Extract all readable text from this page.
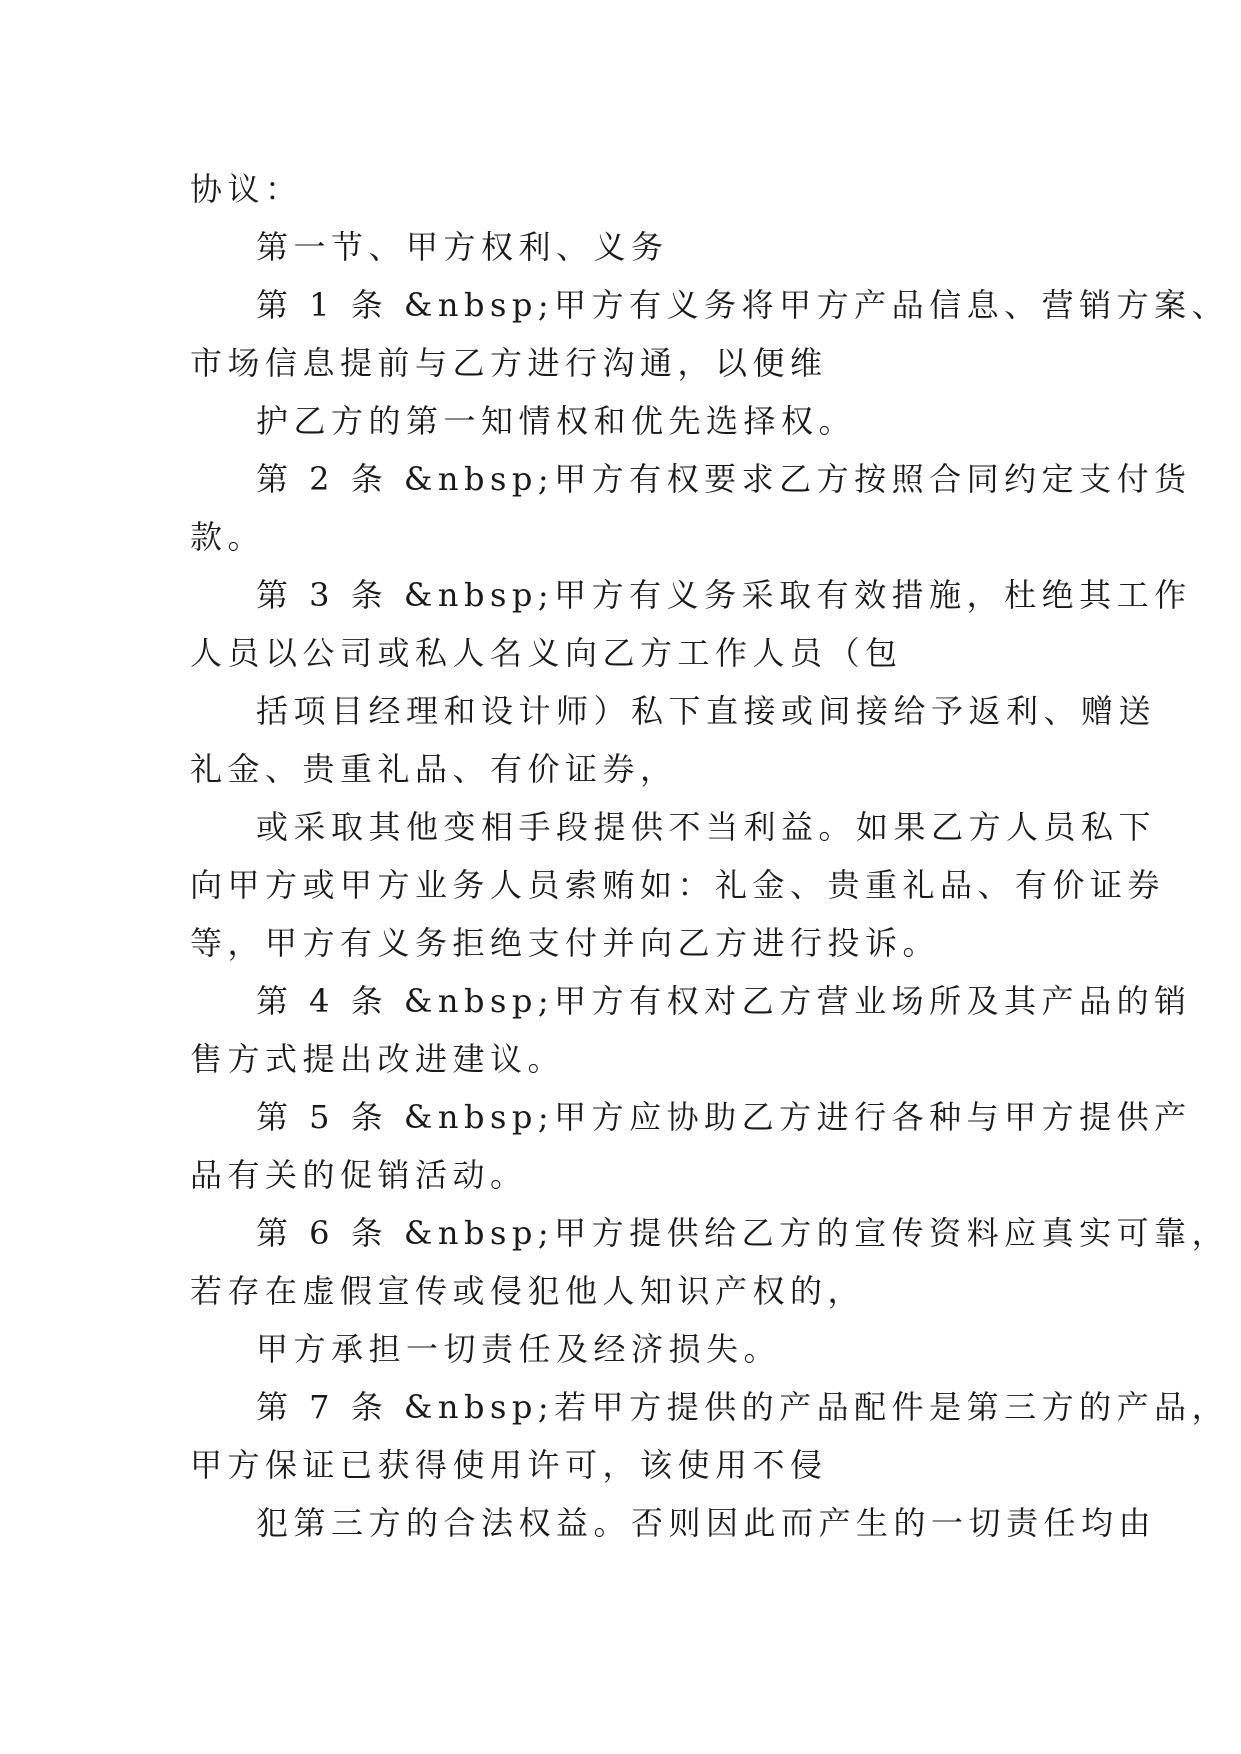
协议：
第一节、甲方权利、义务
第 1 条 &nbsp;甲方有义务将甲方产品信息、营销方案、
市场信息提前与乙方进行沟通，以便维
护乙方的第一知情权和优先选择权。
第 2 条 &nbsp;甲方有权要求乙方按照合同约定支付货
款。
第 3 条 &nbsp;甲方有义务采取有效措施，杜绝其工作
人员以公司或私人名义向乙方工作人员（包
括项目经理和设计师）私下直接或间接给予返利、赠送
礼金、贵重礼品、有价证券，
或采取其他变相手段提供不当利益。如果乙方人员私下
向甲方或甲方业务人员索贿如：礼金、贵重礼品、有价证券
等，甲方有义务拒绝支付并向乙方进行投诉。
第 4 条 &nbsp;甲方有权对乙方营业场所及其产品的销
售方式提出改进建议。
第 5 条 &nbsp;甲方应协助乙方进行各种与甲方提供产
品有关的促销活动。
第 6 条 &nbsp;甲方提供给乙方的宣传资料应真实可靠，
若存在虚假宣传或侵犯他人知识产权的，
甲方承担一切责任及经济损失。
第 7 条 &nbsp;若甲方提供的产品配件是第三方的产品，
甲方保证已获得使用许可，该使用不侵
犯第三方的合法权益。否则因此而产生的一切责任均由
